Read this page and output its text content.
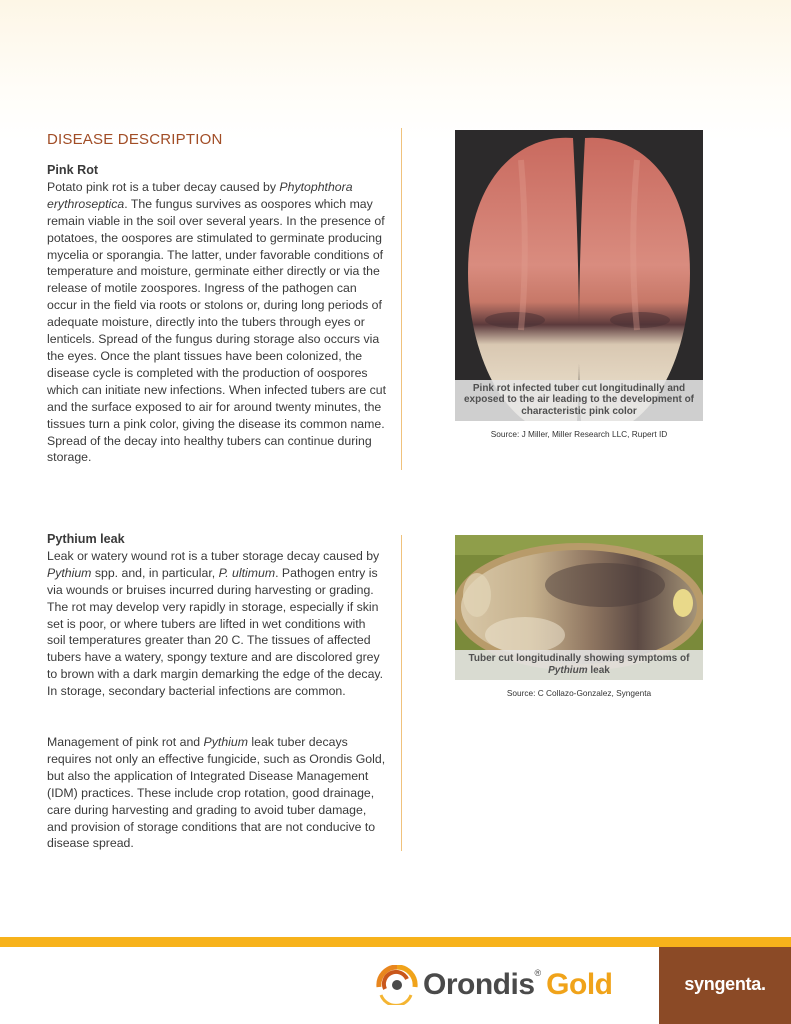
DISEASE DESCRIPTION
Pink Rot

Potato pink rot is a tuber decay caused by Phytophthora erythroseptica. The fungus survives as oospores which may remain viable in the soil over several years. In the presence of potatoes, the oospores are stimulated to germinate producing mycelia or sporangia. The latter, under favorable conditions of temperature and moisture, germinate either directly or via the release of motile zoospores. Ingress of the pathogen can occur in the field via roots or stolons or, during long periods of adequate moisture, directly into the tubers through eyes or lenticels. Spread of the fungus during storage also occurs via the eyes. Once the plant tissues have been colonized, the disease cycle is completed with the production of oospores which can initiate new infections. When infected tubers are cut and the surface exposed to air for around twenty minutes, the tissues turn a pink color, giving the disease its common name. Spread of the decay into healthy tubers can continue during storage.

Pink rot infected tuber cut longitudinally and exposed to the air leading to the development of characteristic pink color
Source: J Miller, Miller Research LLC, Rupert ID
Pythium leak

Leak or watery wound rot is a tuber storage decay caused by Pythium spp. and, in particular, P. ultimum. Pathogen entry is via wounds or bruises incurred during harvesting or grading. The rot may develop very rapidly in storage, especially if skin set is poor, or where tubers are lifted in wet conditions with soil temperatures greater than 20 C. The tissues of affected tubers have a watery, spongy texture and are discolored grey to brown with a dark margin demarking the edge of the decay. In storage, secondary bacterial infections are common.

Management of pink rot and Pythium leak tuber decays requires not only an effective fungicide, such as Orondis Gold, but also the application of Integrated Disease Management (IDM) practices. These include crop rotation, good drainage, care during harvesting and grading to avoid tuber damage, and provision of storage conditions that are not conducive to disease spread.

Tuber cut longitudinally showing symptoms of Pythium leak
Source: C Collazo-Gonzalez, Syngenta
Orondis ® Gold	syngenta.
